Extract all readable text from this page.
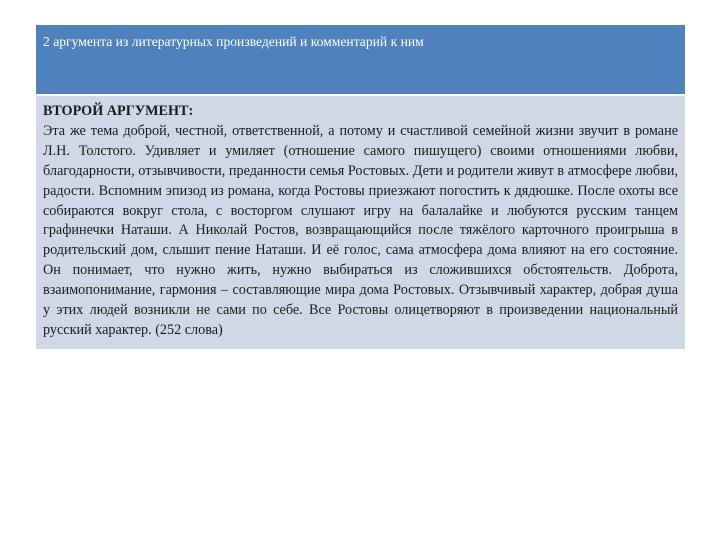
2 аргумента из литературных произведений и комментарий к ним

ВТОРОЙ АРГУМЕНТ:
Эта же тема доброй, честной, ответственной, а потому и счастливой семейной жизни звучит в романе Л.Н. Толстого. Удивляет и умиляет (отношение самого пишущего) своими отношениями любви, благодарности, отзывчивости, преданности семья Ростовых. Дети и родители живут в атмосфере любви, радости. Вспомним эпизод из романа, когда Ростовы приезжают погостить к дядюшке. После охоты все собираются вокруг стола, с восторгом слушают игру на балалайке и любуются русским танцем графинечки Наташи. А Николай Ростов, возвращающийся после тяжёлого карточного проигрыша в родительский дом, слышит пение Наташи. И её голос, сама атмосфера дома влияют на его состояние. Он понимает, что нужно жить, нужно выбираться из сложившихся обстоятельств. Доброта, взаимопонимание, гармония – составляющие мира дома Ростовых. Отзывчивый характер, добрая душа у этих людей возникли не сами по себе. Все Ростовы олицетворяют в произведении национальный русский характер. (252 слова)
